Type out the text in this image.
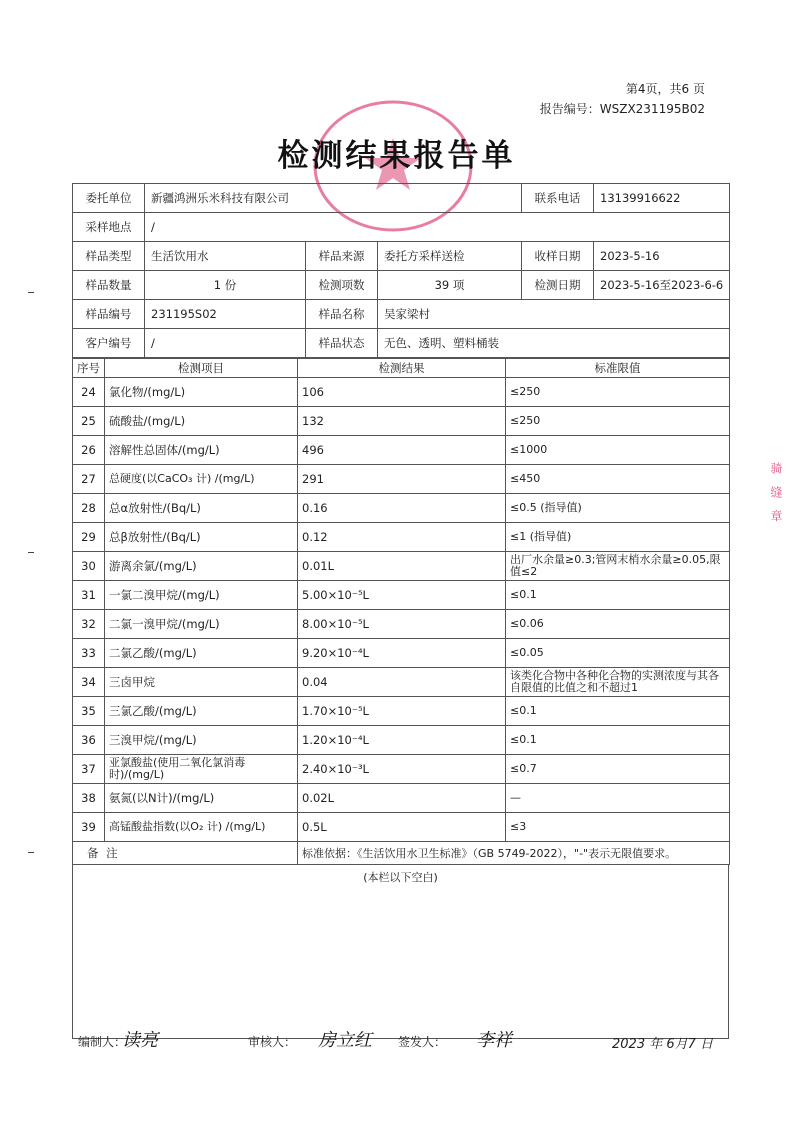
第4页，共6 页
报告编号：WSZX231195B02
检测结果报告单
委托单位	新疆鸿洲乐米科技有限公司			联系电话	13139916622
采样地点	/				
样品类型	生活饮用水	样品来源	委托方采样送检	收样日期	2023-5-16
样品数量	1 份	检测项数	39 项	检测日期	2023-5-16至2023-6-6
样品编号	231195S02	样品名称	吴家梁村		
客户编号	/	样品状态	无色、透明、塑料桶装		
序号	检测项目	检测结果	标准限值
24	氯化物/(mg/L)	106	≤250
25	硫酸盐/(mg/L)	132	≤250
26	溶解性总固体/(mg/L)	496	≤1000
27	总硬度(以CaCO₃ 计) /(mg/L)	291	≤450
28	总α放射性/(Bq/L)	0.16	≤0.5 (指导值)
29	总β放射性/(Bq/L)	0.12	≤1 (指导值)
30	游离余氯/(mg/L)	0.01L	出厂水余量≥0.3;管网末梢水余量≥0.05,限值≤2
31	一氯二溴甲烷/(mg/L)	5.00×10⁻⁵L	≤0.1
32	二氯一溴甲烷/(mg/L)	8.00×10⁻⁵L	≤0.06
33	二氯乙酸/(mg/L)	9.20×10⁻⁴L	≤0.05
34	三卤甲烷	0.04	该类化合物中各种化合物的实测浓度与其各自限值的比值之和不超过1
35	三氯乙酸/(mg/L)	1.70×10⁻⁵L	≤0.1
36	三溴甲烷/(mg/L)	1.20×10⁻⁴L	≤0.1
37	亚氯酸盐(使用二氧化氯消毒时)/(mg/L)	2.40×10⁻³L	≤0.7
38	氨氮(以N计)/(mg/L)	0.02L	—
39	高锰酸盐指数(以O₂ 计) /(mg/L)	0.5L	≤3
备 注		标准依据：《生活饮用水卫生标准》（GB 5749-2022），"-"表示无限值要求。	
(本栏以下空白)
编制人：
读亮	审核人： 房立红 签发人： 李祥	2023 年 6月7 日
骑 缝 章
